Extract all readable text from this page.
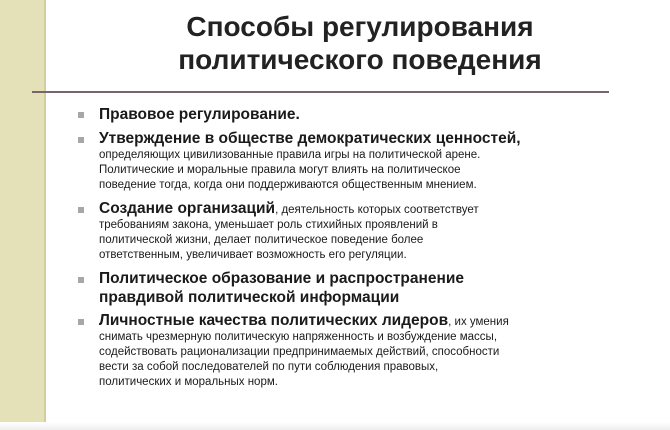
Способы регулирования
политического поведения
Правовое регулирование.
Утверждение в обществе демократических ценностей,
определяющих цивилизованные правила игры на политической арене.
Политические и моральные правила могут влиять на политическое
поведение тогда, когда они поддерживаются общественным мнением.
Создание организаций, деятельность которых соответствует
требованиям закона, уменьшает роль стихийных проявлений в
политической жизни, делает политическое поведение более
ответственным, увеличивает возможность его регуляции.
Политическое образование и распространение
правдивой политической информации
Личностные качества политических лидеров, их умения
снимать чрезмерную политическую напряженность и возбуждение массы,
содействовать рационализации предпринимаемых действий, способности
вести за собой последователей по пути соблюдения правовых,
политических и моральных норм.
